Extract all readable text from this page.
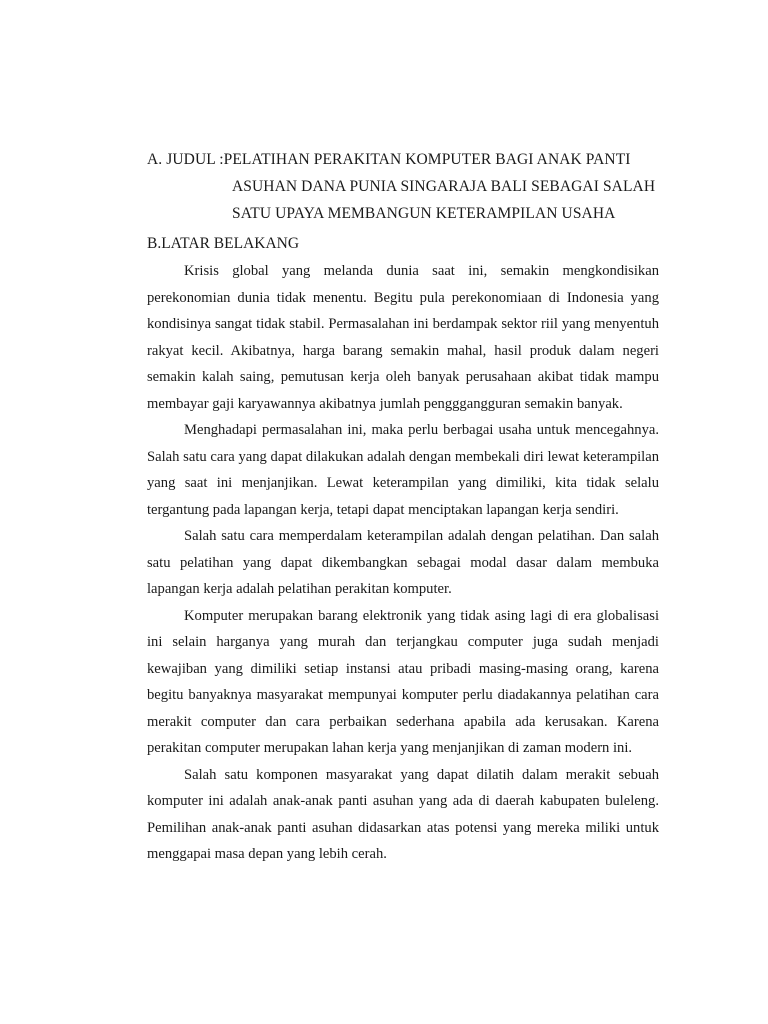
A. JUDUL : PELATIHAN PERAKITAN KOMPUTER BAGI ANAK PANTI
ASUHAN DANA PUNIA SINGARAJA BALI SEBAGAI SALAH
SATU UPAYA MEMBANGUN KETERAMPILAN USAHA
B.LATAR BELAKANG

Krisis global yang melanda dunia saat ini, semakin mengkondisikan perekonomian dunia tidak menentu. Begitu pula perekonomiaan di Indonesia yang kondisinya sangat tidak stabil. Permasalahan ini berdampak sektor riil yang menyentuh rakyat kecil. Akibatnya, harga barang semakin mahal, hasil produk dalam negeri semakin kalah saing, pemutusan kerja oleh banyak perusahaan akibat tidak mampu membayar gaji karyawannya akibatnya jumlah pengggangguran semakin banyak.

Menghadapi permasalahan ini, maka perlu berbagai usaha untuk mencegahnya. Salah satu cara yang dapat dilakukan adalah dengan membekali diri lewat keterampilan yang saat ini menjanjikan. Lewat keterampilan yang dimiliki, kita tidak selalu tergantung pada lapangan kerja, tetapi dapat menciptakan lapangan kerja sendiri.

Salah satu cara memperdalam keterampilan adalah dengan pelatihan. Dan salah satu pelatihan yang dapat dikembangkan sebagai modal dasar dalam membuka lapangan kerja adalah pelatihan perakitan komputer.

Komputer merupakan barang elektronik yang tidak asing lagi di era globalisasi ini selain harganya yang murah dan terjangkau computer juga sudah menjadi kewajiban yang dimiliki setiap instansi atau pribadi masing-masing orang, karena begitu banyaknya masyarakat mempunyai komputer perlu diadakannya pelatihan cara merakit computer dan cara perbaikan sederhana apabila ada kerusakan. Karena perakitan computer merupakan lahan kerja yang menjanjikan di zaman modern ini.

Salah satu komponen masyarakat yang dapat dilatih dalam merakit sebuah komputer ini adalah anak-anak panti asuhan yang ada di daerah kabupaten buleleng. Pemilihan anak-anak panti asuhan didasarkan atas potensi yang mereka miliki untuk menggapai masa depan yang lebih cerah.
